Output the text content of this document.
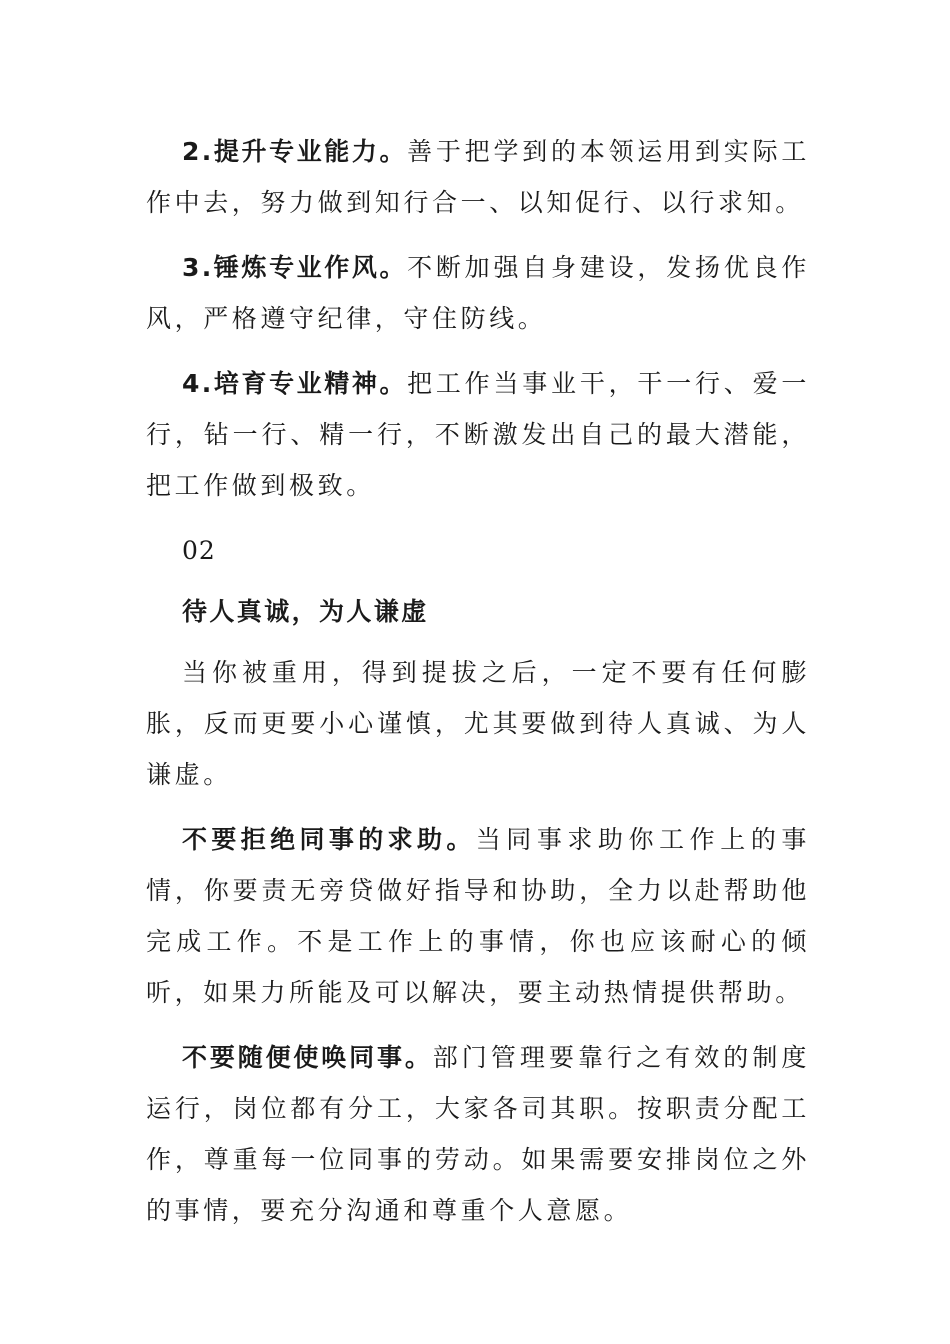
2.提升专业能力。善于把学到的本领运用到实际工作中去，努力做到知行合一、以知促行、以行求知。

3.锤炼专业作风。不断加强自身建设，发扬优良作风，严格遵守纪律，守住防线。

4.培育专业精神。把工作当事业干，干一行、爱一行，钻一行、精一行，不断激发出自己的最大潜能，把工作做到极致。

02

待人真诚，为人谦虚

当你被重用，得到提拔之后，一定不要有任何膨胀，反而更要小心谨慎，尤其要做到待人真诚、为人谦虚。

不要拒绝同事的求助。当同事求助你工作上的事情，你要责无旁贷做好指导和协助，全力以赴帮助他完成工作。不是工作上的事情，你也应该耐心的倾听，如果力所能及可以解决，要主动热情提供帮助。

不要随便使唤同事。部门管理要靠行之有效的制度运行，岗位都有分工，大家各司其职。按职责分配工作，尊重每一位同事的劳动。如果需要安排岗位之外的事情，要充分沟通和尊重个人意愿。
